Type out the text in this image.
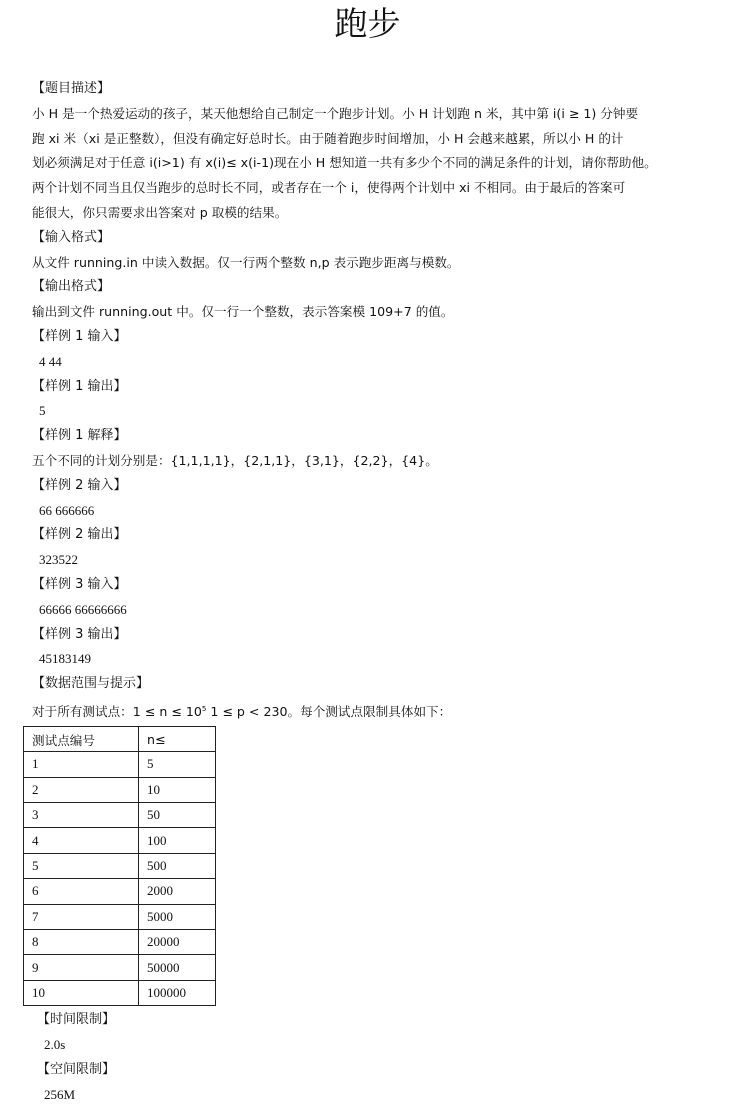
跑步
【题目描述】
小 H 是一个热爱运动的孩子，某天他想给自己制定一个跑步计划。小 H 计划跑 n 米，其中第 i(i ≥ 1) 分钟要
跑 xi 米（xi 是正整数），但没有确定好总时长。由于随着跑步时间增加，小 H 会越来越累，所以小 H 的计
划必须满足对于任意 i(i>1) 有 x(i)≤ x(i-1)现在小 H 想知道一共有多少个不同的满足条件的计划，请你帮助他。
两个计划不同当且仅当跑步的总时长不同，或者存在一个 i，使得两个计划中 xi 不相同。由于最后的答案可
能很大，你只需要求出答案对 p 取模的结果。
【输入格式】
从文件 running.in 中读入数据。仅一行两个整数 n,p 表示跑步距离与模数。
【输出格式】
输出到文件 running.out 中。仅一行一个整数，表示答案模 109+7 的值。
【样例 1 输入】
4 44
【样例 1 输出】
5
【样例 1 解释】
五个不同的计划分别是：{1,1,1,1}，{2,1,1}，{3,1}，{2,2}，{4}。
【样例 2 输入】
66 666666
【样例 2 输出】
323522
【样例 3 输入】
66666 66666666
【样例 3 输出】
45183149
【数据范围与提示】
对于所有测试点：$1 \le n \le 10^5$ 1 ≤ p < 230。每个测试点限制具体如下：
测试点编号	n≤
1	5
2	10
3	50
4	100
5	500
6	2000
7	5000
8	20000
9	50000
10	100000
【时间限制】
2.0s
【空间限制】
256M
